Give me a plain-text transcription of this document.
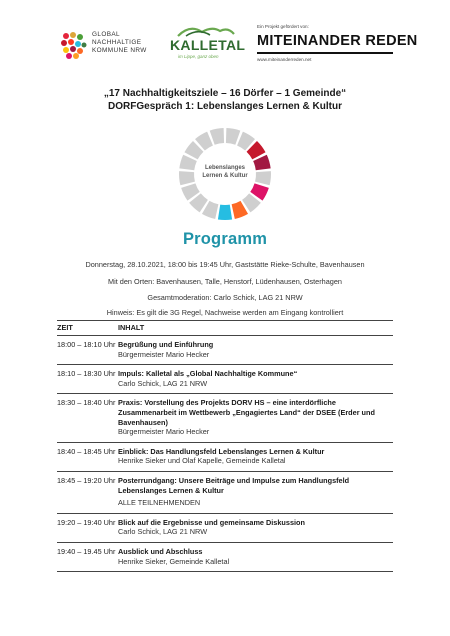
GLOBAL
NACHHALTIGE
KOMMUNE NRW KALLETAL
im Lippe, ganz oben
Ein Projekt gefördert von:
MITEINANDER REDEN
www.miteinanderreden.net
„17 Nachhaltigkeitsziele – 16 Dörfer – 1 Gemeinde“
DORFGespräch 1: Lebenslanges Lernen & Kultur
Lebenslanges
Lernen & Kultur
Programm
Donnerstag, 28.10.2021, 18:00 bis 19:45 Uhr, Gaststätte Rieke-Schulte, Bavenhausen
Mit den Orten: Bavenhausen, Talle, Henstorf, Lüdenhausen, Osterhagen
Gesamtmoderation: Carlo Schick, LAG 21 NRW
Hinweis: Es gilt die 3G Regel, Nachweise werden am Eingang kontrolliert
ZEIT	INHALT
18:00 – 18:10 Uhr Begrüßung und Einführung
Bürgermeister Mario Hecker
18:10 – 18:30 Uhr Impuls: Kalletal als „Global Nachhaltige Kommune“
Carlo Schick, LAG 21 NRW
18:30 – 18:40 Uhr Praxis: Vorstellung des Projekts DORV HS – eine interdörfliche Zusammenarbeit im Wettbewerb „Engagiertes Land“ der DSEE (Erder und Bavenhausen)
Bürgermeister Mario Hecker
18:40 – 18:45 Uhr Einblick: Das Handlungsfeld Lebenslanges Lernen & Kultur
Henrike Sieker und Olaf Kapelle, Gemeinde Kalletal
18:45 – 19:20 Uhr Posterrundgang: Unsere Beiträge und Impulse zum Handlungsfeld Lebenslanges Lernen & Kultur
ALLE TEILNEHMENDEN
19:20 – 19:40 Uhr Blick auf die Ergebnisse und gemeinsame Diskussion
Carlo Schick, LAG 21 NRW
19:40 – 19.45 Uhr Ausblick und Abschluss
Henrike Sieker, Gemeinde Kalletal
